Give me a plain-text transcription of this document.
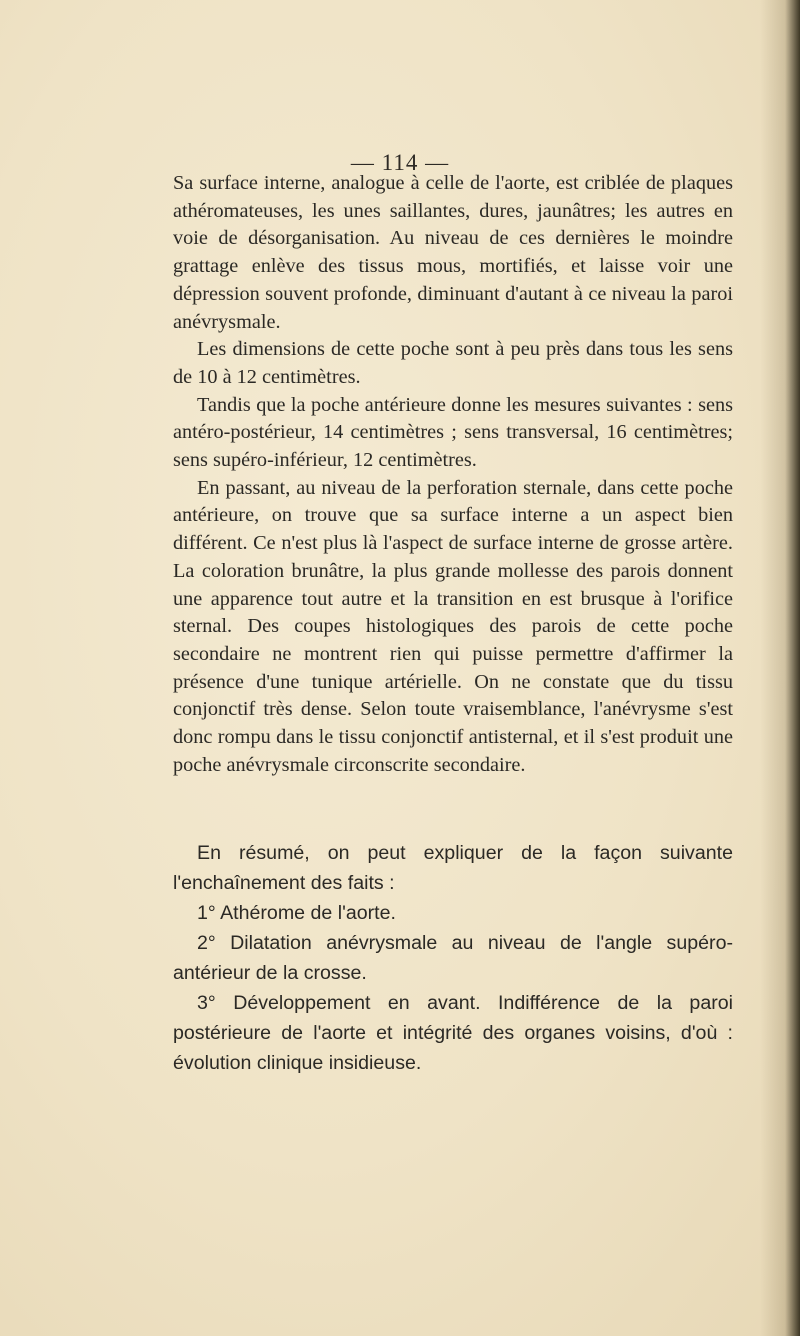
— 114 —

Sa surface interne, analogue à celle de l'aorte, est criblée de plaques athéromateuses, les unes saillantes, dures, jaunâtres; les autres en voie de désorganisation. Au niveau de ces dernières le moindre grattage enlève des tissus mous, mortifiés, et laisse voir une dépression souvent profonde, diminuant d'autant à ce niveau la paroi anévrysmale.

Les dimensions de cette poche sont à peu près dans tous les sens de 10 à 12 centimètres.

Tandis que la poche antérieure donne les mesures suivantes : sens antéro-postérieur, 14 centimètres ; sens transversal, 16 centimètres; sens supéro-inférieur, 12 centimètres.

En passant, au niveau de la perforation sternale, dans cette poche antérieure, on trouve que sa surface interne a un aspect bien différent. Ce n'est plus là l'aspect de surface interne de grosse artère. La coloration brunâtre, la plus grande mollesse des parois donnent une apparence tout autre et la transition en est brusque à l'orifice sternal. Des coupes histologiques des parois de cette poche secondaire ne montrent rien qui puisse permettre d'affirmer la présence d'une tunique artérielle. On ne constate que du tissu conjonctif très dense. Selon toute vraisemblance, l'anévrysme s'est donc rompu dans le tissu conjonctif antisternal, et il s'est produit une poche anévrysmale circonscrite secondaire.

En résumé, on peut expliquer de la façon suivante l'enchaînement des faits :

1° Athérome de l'aorte.

2° Dilatation anévrysmale au niveau de l'angle supéro-antérieur de la crosse.

3° Développement en avant. Indifférence de la paroi postérieure de l'aorte et intégrité des organes voisins, d'où : évolution clinique insidieuse.
